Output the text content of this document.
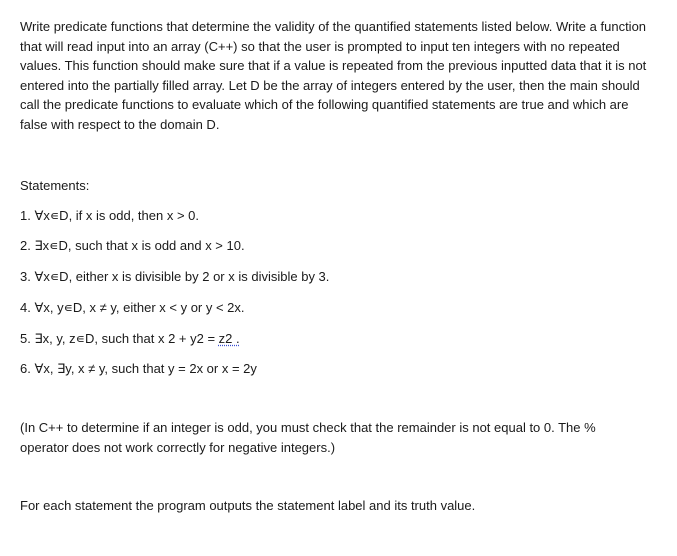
Write predicate functions that determine the validity of the quantified statements listed below. Write a function that will read input into an array (C++) so that the user is prompted to input ten integers with no repeated values. This function should make sure that if a value is repeated from the previous inputted data that it is not entered into the partially filled array. Let D be the array of integers entered by the user, then the main should call the predicate functions to evaluate which of the following quantified statements are true and which are false with respect to the domain D.

Statements:

1. ∀x∊D, if x is odd, then x > 0.

2. ∃x∊D, such that x is odd and x > 10.

3. ∀x∊D, either x is divisible by 2 or x is divisible by 3.

4. ∀x, y∊D, x ≠ y, either x < y or y < 2x.

5. ∃x, y, z∊D, such that x 2 + y2 = z2 .

6. ∀x, ∃y, x ≠ y, such that y = 2x or x = 2y

(In C++ to determine if an integer is odd, you must check that the remainder is not equal to 0. The % operator does not work correctly for negative integers.)

For each statement the program outputs the statement label and its truth value.
